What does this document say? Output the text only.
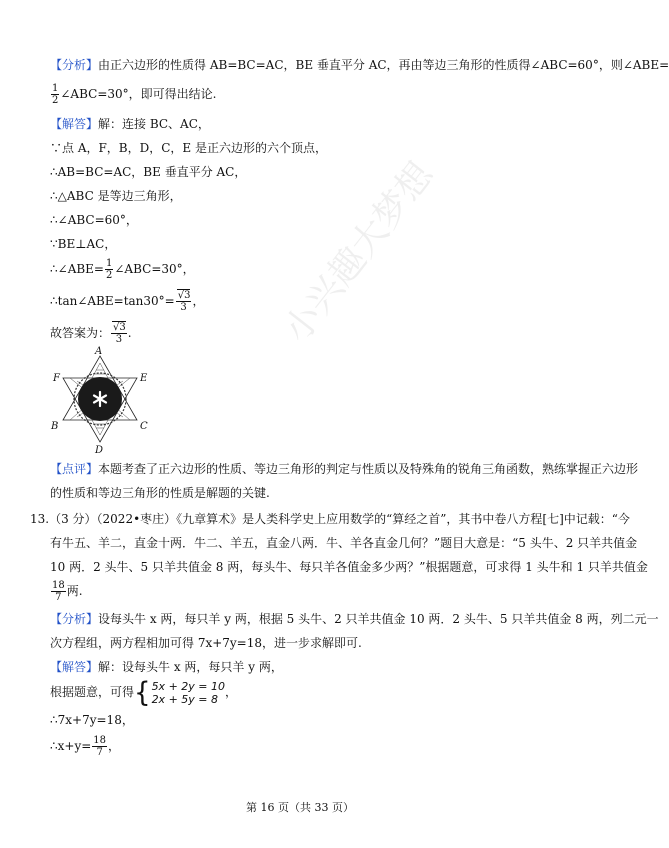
小兴趣大梦想
【分析】由正六边形的性质得 AB=BC=AC，BE 垂直平分 AC，再由等边三角形的性质得∠ABC=60°，则∠ABE=
$\frac{1}{2}$ ∠ABC=30°，即可得出结论.
【解答】解：连接 BC、AC，
∵点 A，F，B，D，C，E 是正六边形的六个顶点，
∴AB=BC=AC，BE 垂直平分 AC，
∴△ABC 是等边三角形，
∴∠ABC=60°，
∵BE⊥AC，
∴∠ABE= $\frac{1}{2}$ ∠ABC=30°，
∴tan∠ABE=tan30°= $\frac{√3}{3}$ ，
故答案为： $\frac{√3}{3}$ .
A
F	E
B	C
D
【点评】本题考查了正六边形的性质、等边三角形的判定与性质以及特殊角的锐角三角函数，熟练掌握正六边形
的性质和等边三角形的性质是解题的关键.
13.（3 分）（2022•枣庄）《九章算术》是人类科学史上应用数学的“算经之首”，其书中卷八方程[七]中记载：“今
有牛五、羊二，直金十两．牛二、羊五，直金八两．牛、羊各直金几何？”题目大意是：“5 头牛、2 只羊共值金
10 两．2 头牛、5 只羊共值金 8 两，每头牛、每只羊各值金多少两？”根据题意，可求得 1 头牛和 1 只羊共值金
$\frac{18}{7}$ 两.
【分析】设每头牛 x 两，每只羊 y 两，根据 5 头牛、2 只羊共值金 10 两．2 头牛、5 只羊共值金 8 两，列二元一
次方程组，两方程相加可得 7x+7y=18，进一步求解即可.
【解答】解：设每头牛 x 两，每只羊 y 两，
根据题意，可得{ 5x + 2y = 10
2x + 5y = 8 ，
∴7x+7y=18，
∴x+y= $\frac{18}{7}$ ，
第 16 页（共 33 页）
